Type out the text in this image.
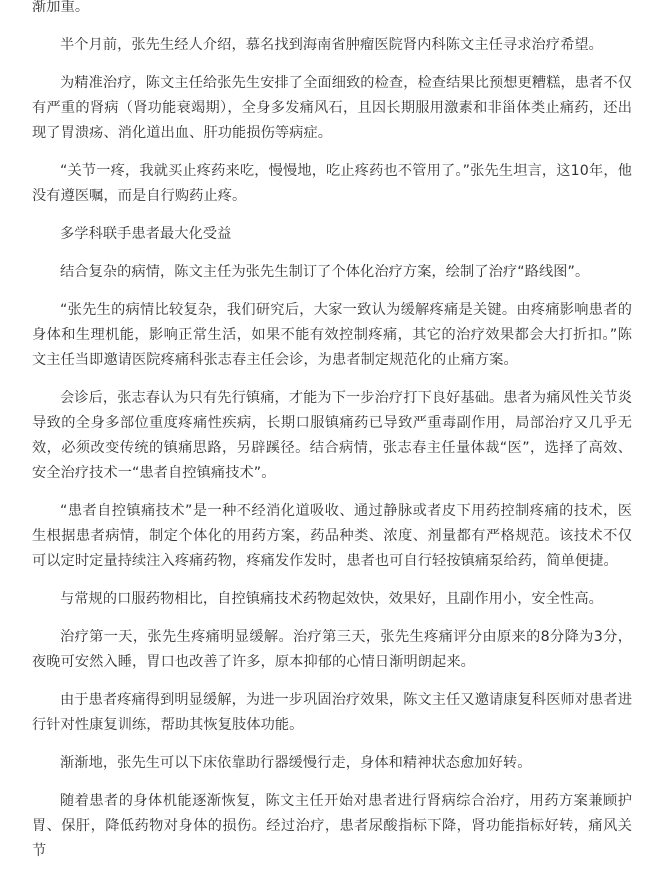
渐加重。

半个月前，张先生经人介绍，慕名找到海南省肿瘤医院肾内科陈文主任寻求治疗希望。

为精准治疗，陈文主任给张先生安排了全面细致的检查，检查结果比预想更糟糕，患者不仅有严重的肾病（肾功能衰竭期），全身多发痛风石，且因长期服用激素和非甾体类止痛药，还出现了胃溃疡、消化道出血、肝功能损伤等病症。

“关节一疼，我就买止疼药来吃，慢慢地，吃止疼药也不管用了。”张先生坦言，这10年，他没有遵医嘱，而是自行购药止疼。

多学科联手患者最大化受益

结合复杂的病情，陈文主任为张先生制订了个体化治疗方案，绘制了治疗“路线图”。

“张先生的病情比较复杂，我们研究后，大家一致认为缓解疼痛是关键。由疼痛影响患者的身体和生理机能，影响正常生活，如果不能有效控制疼痛，其它的治疗效果都会大打折扣。”陈文主任当即邀请医院疼痛科张志春主任会诊，为患者制定规范化的止痛方案。

会诊后，张志春认为只有先行镇痛，才能为下一步治疗打下良好基础。患者为痛风性关节炎导致的全身多部位重度疼痛性疾病，长期口服镇痛药已导致严重毒副作用，局部治疗又几乎无效，必须改变传统的镇痛思路，另辟蹊径。结合病情，张志春主任量体裁“医”，选择了高效、安全治疗技术一“患者自控镇痛技术”。

“患者自控镇痛技术”是一种不经消化道吸收、通过静脉或者皮下用药控制疼痛的技术，医生根据患者病情，制定个体化的用药方案，药品种类、浓度、剂量都有严格规范。该技术不仅可以定时定量持续注入疼痛药物，疼痛发作发时，患者也可自行轻按镇痛泵给药，简单便捷。

与常规的口服药物相比，自控镇痛技术药物起效快，效果好，且副作用小，安全性高。

治疗第一天，张先生疼痛明显缓解。治疗第三天，张先生疼痛评分由原来的8分降为3分，夜晚可安然入睡，胃口也改善了许多，原本抑郁的心情日渐明朗起来。

由于患者疼痛得到明显缓解，为进一步巩固治疗效果，陈文主任又邀请康复科医师对患者进行针对性康复训练，帮助其恢复肢体功能。

渐渐地，张先生可以下床依靠助行器缓慢行走，身体和精神状态愈加好转。

随着患者的身体机能逐渐恢复，陈文主任开始对患者进行肾病综合治疗，用药方案兼顾护胃、保肝，降低药物对身体的损伤。经过治疗，患者尿酸指标下降，肾功能指标好转，痛风关节
